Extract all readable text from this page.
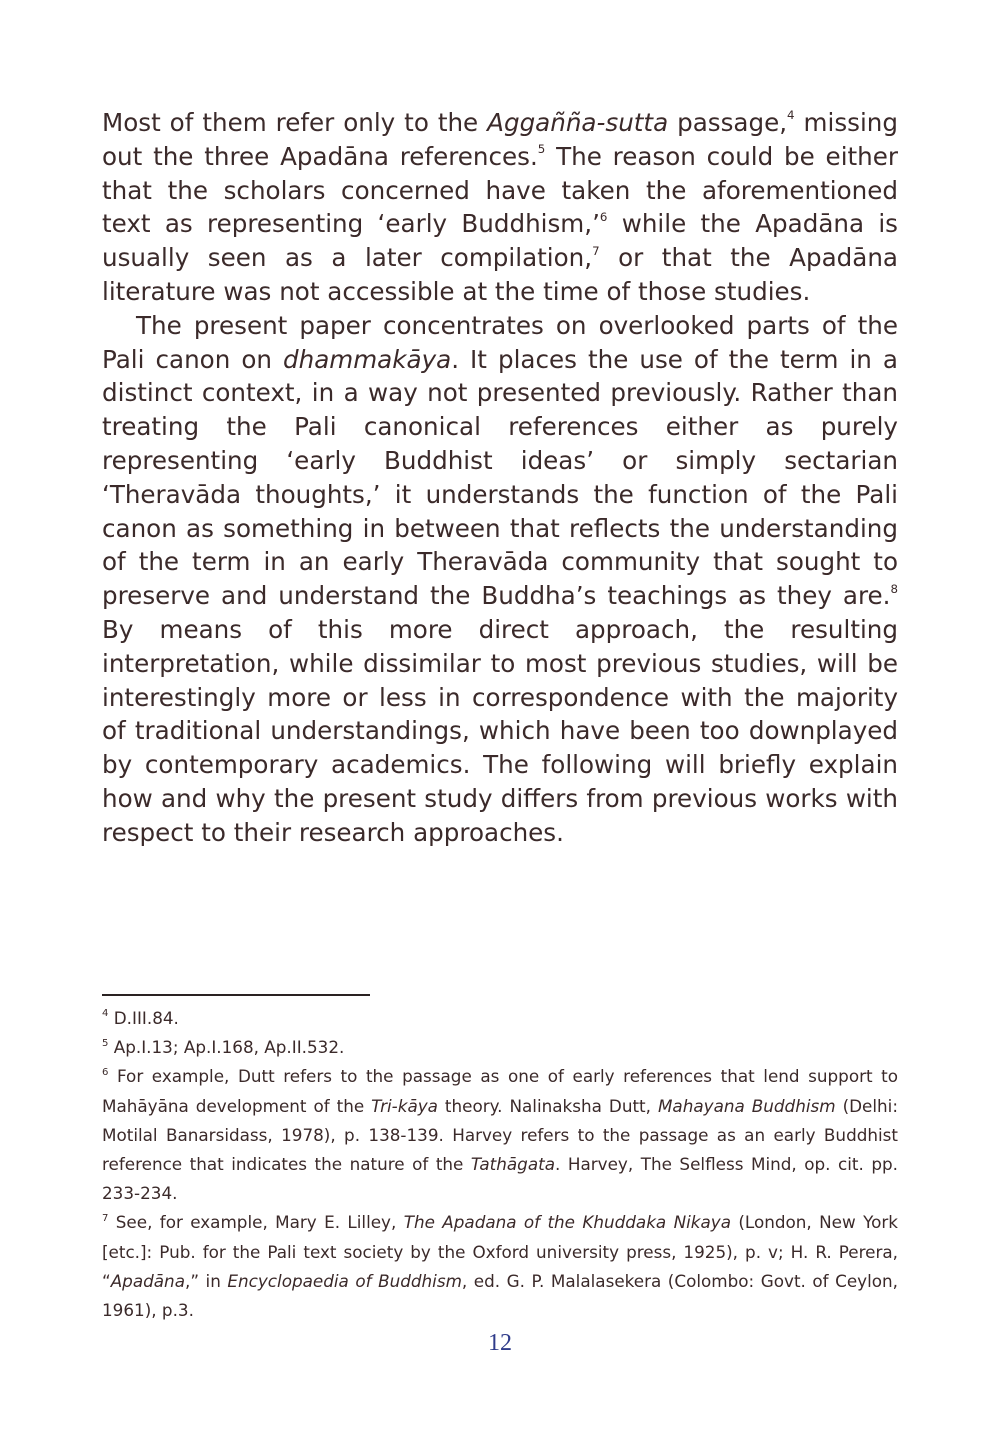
Most of them refer only to the Aggañña-sutta passage,$^4$ missing out the three Apadāna references.$^5$ The reason could be either that the scholars concerned have taken the aforementioned text as representing ‘early Buddhism,’$^6$ while the Apadāna is usually seen as a later compilation,$^7$ or that the Apadāna literature was not accessible at the time of those studies.

The present paper concentrates on overlooked parts of the Pali canon on dhammakāya. It places the use of the term in a distinct context, in a way not presented previously. Rather than treating the Pali canonical references either as purely representing ‘early Buddhist ideas’ or simply sectarian ‘Theravāda thoughts,’ it understands the function of the Pali canon as something in between that reflects the understanding of the term in an early Theravāda community that sought to preserve and understand the Buddha’s teachings as they are.$^8$ By means of this more direct approach, the resulting interpretation, while dissimilar to most previous studies, will be interestingly more or less in correspondence with the majority of traditional understandings, which have been too downplayed by contemporary academics. The following will briefly explain how and why the present study differs from previous works with respect to their research approaches.

$^4$ D.III.84.

$^5$ Ap.I.13; Ap.I.168, Ap.II.532.

$^6$ For example, Dutt refers to the passage as one of early references that lend support to Mahāyāna development of the Tri-kāya theory. Nalinaksha Dutt, Mahayana Buddhism (Delhi: Motilal Banarsidass, 1978), p. 138-139. Harvey refers to the passage as an early Buddhist reference that indicates the nature of the Tathāgata. Harvey, The Selfless Mind, op. cit. pp. 233-234.

$^7$ See, for example, Mary E. Lilley, The Apadana of the Khuddaka Nikaya (London, New York [etc.]: Pub. for the Pali text society by the Oxford university press, 1925), p. v; H. R. Perera, “Apadāna,” in Encyclopaedia of Buddhism, ed. G. P. Malalasekera (Colombo: Govt. of Ceylon, 1961), p.3.

12
